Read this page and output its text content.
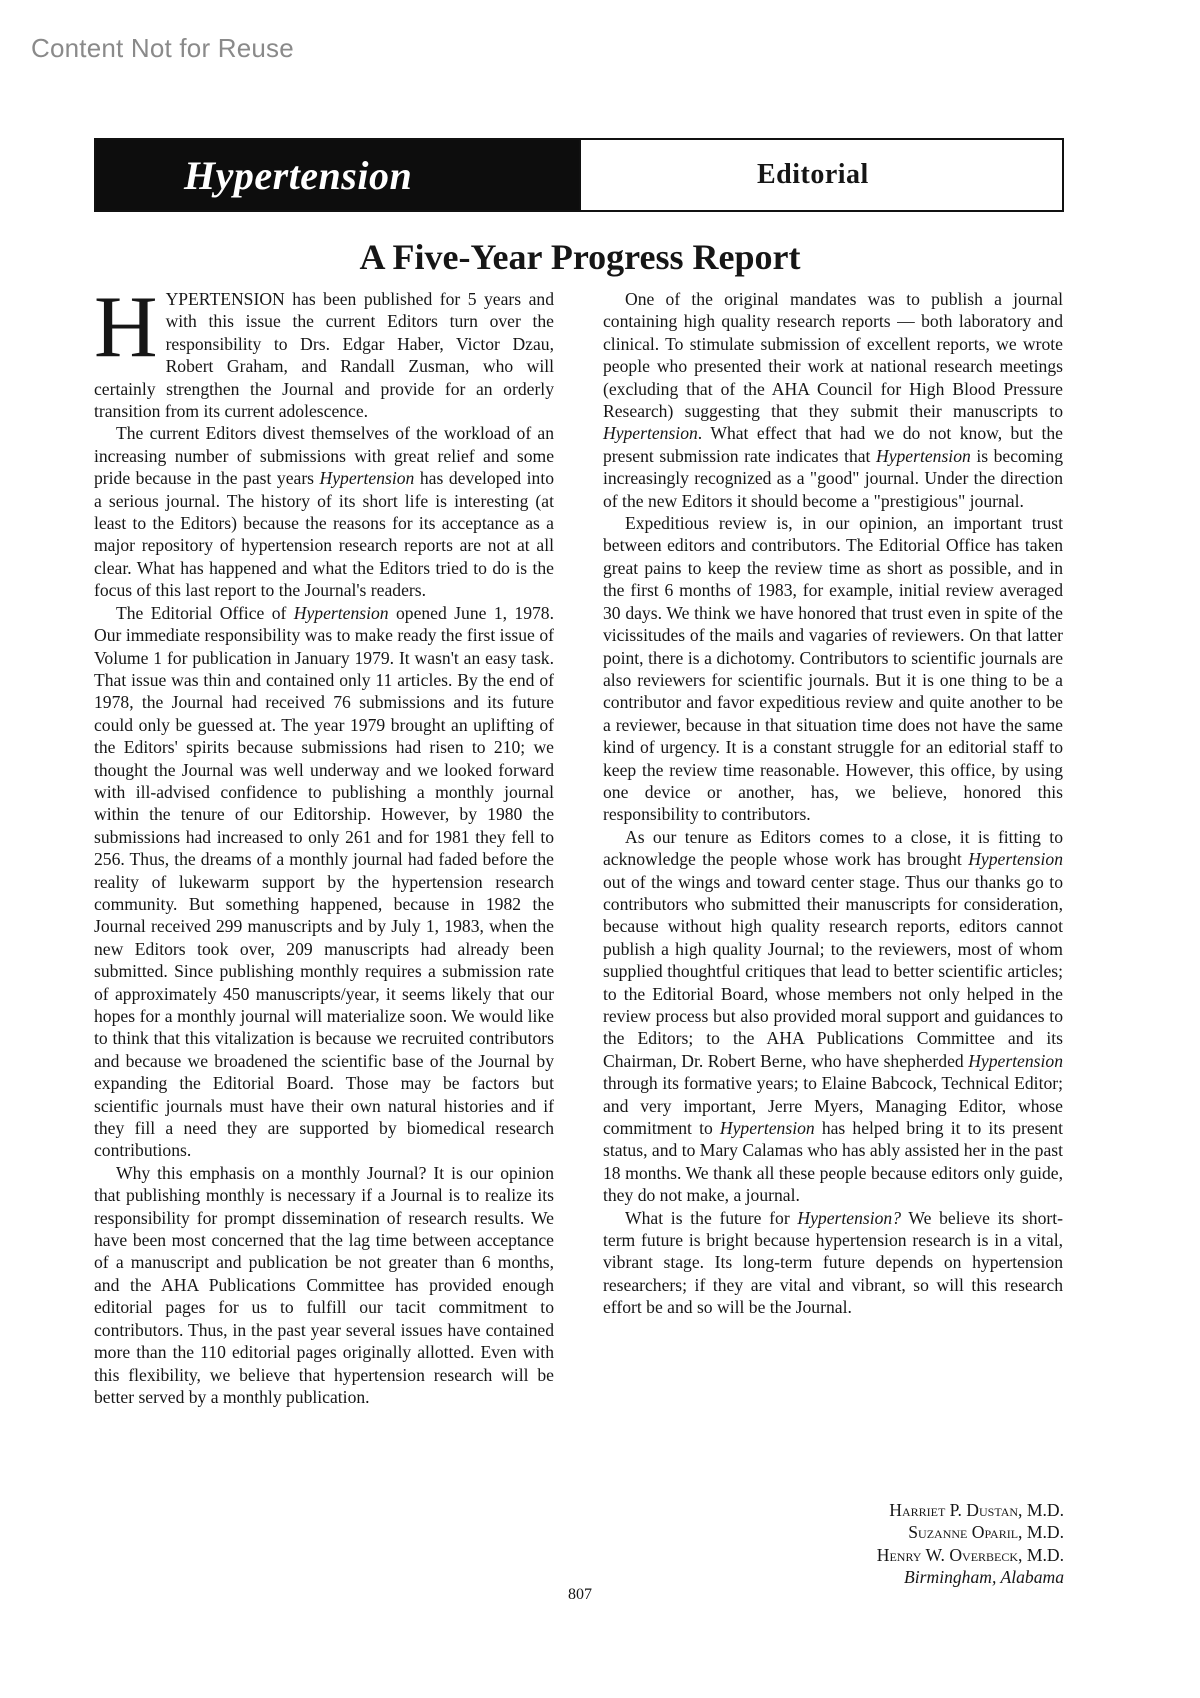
Content Not for Reuse
Hypertension	Editorial
A Five-Year Progress Report

HYPERTENSION has been published for 5 years and with this issue the current Editors turn over the responsibility to Drs. Edgar Haber, Victor Dzau, Robert Graham, and Randall Zusman, who will certainly strengthen the Journal and provide for an orderly transition from its current adolescence.

The current Editors divest themselves of the workload of an increasing number of submissions with great relief and some pride because in the past years Hypertension has developed into a serious journal. The history of its short life is interesting (at least to the Editors) because the reasons for its acceptance as a major repository of hypertension research reports are not at all clear. What has happened and what the Editors tried to do is the focus of this last report to the Journal's readers.

The Editorial Office of Hypertension opened June 1, 1978. Our immediate responsibility was to make ready the first issue of Volume 1 for publication in January 1979. It wasn't an easy task. That issue was thin and contained only 11 articles. By the end of 1978, the Journal had received 76 submissions and its future could only be guessed at. The year 1979 brought an uplifting of the Editors' spirits because submissions had risen to 210; we thought the Journal was well underway and we looked forward with ill-advised confidence to publishing a monthly journal within the tenure of our Editorship. However, by 1980 the submissions had increased to only 261 and for 1981 they fell to 256. Thus, the dreams of a monthly journal had faded before the reality of lukewarm support by the hypertension research community. But something happened, because in 1982 the Journal received 299 manuscripts and by July 1, 1983, when the new Editors took over, 209 manuscripts had already been submitted. Since publishing monthly requires a submission rate of approximately 450 manuscripts/year, it seems likely that our hopes for a monthly journal will materialize soon. We would like to think that this vitalization is because we recruited contributors and because we broadened the scientific base of the Journal by expanding the Editorial Board. Those may be factors but scientific journals must have their own natural histories and if they fill a need they are supported by biomedical research contributions.

Why this emphasis on a monthly Journal? It is our opinion that publishing monthly is necessary if a Journal is to realize its responsibility for prompt dissemination of research results. We have been most concerned that the lag time between acceptance of a manuscript and publication be not greater than 6 months, and the AHA Publications Committee has provided enough editorial pages for us to fulfill our tacit commitment to contributors. Thus, in the past year several issues have contained more than the 110 editorial pages originally allotted. Even with this flexibility, we believe that hypertension research will be better served by a monthly publication.

One of the original mandates was to publish a journal containing high quality research reports — both laboratory and clinical. To stimulate submission of excellent reports, we wrote people who presented their work at national research meetings (excluding that of the AHA Council for High Blood Pressure Research) suggesting that they submit their manuscripts to Hypertension. What effect that had we do not know, but the present submission rate indicates that Hypertension is becoming increasingly recognized as a "good" journal. Under the direction of the new Editors it should become a "prestigious" journal.

Expeditious review is, in our opinion, an important trust between editors and contributors. The Editorial Office has taken great pains to keep the review time as short as possible, and in the first 6 months of 1983, for example, initial review averaged 30 days. We think we have honored that trust even in spite of the vicissitudes of the mails and vagaries of reviewers. On that latter point, there is a dichotomy. Contributors to scientific journals are also reviewers for scientific journals. But it is one thing to be a contributor and favor expeditious review and quite another to be a reviewer, because in that situation time does not have the same kind of urgency. It is a constant struggle for an editorial staff to keep the review time reasonable. However, this office, by using one device or another, has, we believe, honored this responsibility to contributors.

As our tenure as Editors comes to a close, it is fitting to acknowledge the people whose work has brought Hypertension out of the wings and toward center stage. Thus our thanks go to contributors who submitted their manuscripts for consideration, because without high quality research reports, editors cannot publish a high quality Journal; to the reviewers, most of whom supplied thoughtful critiques that lead to better scientific articles; to the Editorial Board, whose members not only helped in the review process but also provided moral support and guidances to the Editors; to the AHA Publications Committee and its Chairman, Dr. Robert Berne, who have shepherded Hypertension through its formative years; to Elaine Babcock, Technical Editor; and very important, Jerre Myers, Managing Editor, whose commitment to Hypertension has helped bring it to its present status, and to Mary Calamas who has ably assisted her in the past 18 months. We thank all these people because editors only guide, they do not make, a journal.

What is the future for Hypertension? We believe its short-term future is bright because hypertension research is in a vital, vibrant stage. Its long-term future depends on hypertension researchers; if they are vital and vibrant, so will this research effort be and so will be the Journal.

Harriet P. Dustan, M.D.
Suzanne Oparil, M.D.
Henry W. Overbeck, M.D.
Birmingham, Alabama
807
